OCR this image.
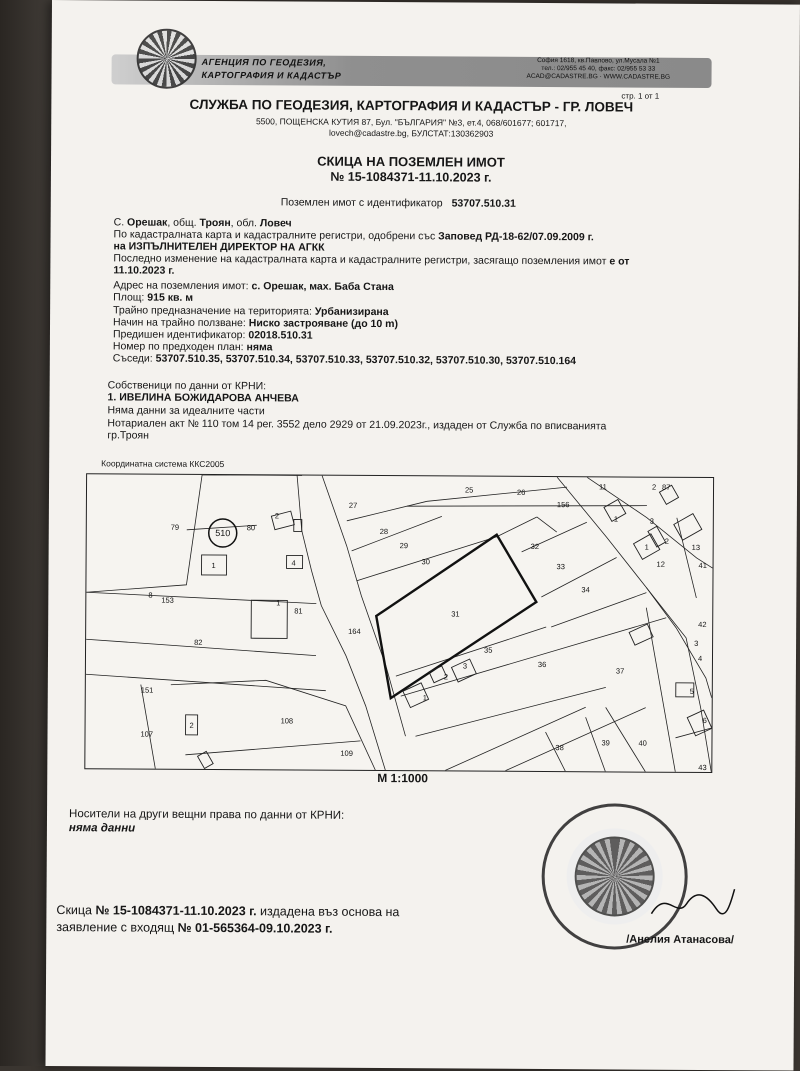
АГЕНЦИЯ ПО ГЕОДЕЗИЯ,
КАРТОГРАФИЯ И КАДАСТЪР
София 1618, кв.Павлово, ул.Мусала №1
тел.: 02/955 45 40, факс: 02/955 53 33
ACAD@CADASTRE.BG · WWW.CADASTRE.BG
стр. 1 от 1
СЛУЖБА ПО ГЕОДЕЗИЯ, КАРТОГРАФИЯ И КАДАСТЪР - ГР. ЛОВЕЧ
5500, ПОЩЕНСКА КУТИЯ 87, Бул. "БЪЛГАРИЯ" №3, ет.4, 068/601677; 601717,
lovech@cadastre.bg, БУЛСТАТ:130362903
СКИЦА НА ПОЗЕМЛЕН ИМОТ
№ 15-1084371-11.10.2023 г.
Поземлен имот с идентификатор 53707.510.31
С. Орешак, общ. Троян, обл. Ловеч
По кадастралната карта и кадастралните регистри, одобрени със Заповед РД-18-62/07.09.2009 г.
на ИЗПЪЛНИТЕЛЕН ДИРЕКТОР НА АГКК
Последно изменение на кадастралната карта и кадастралните регистри, засягащо поземления имот е от
11.10.2023 г.
Адрес на поземления имот: с. Орешак, мах. Баба Стана
Площ: 915 кв. м
Трайно предназначение на територията: Урбанизирана
Начин на трайно ползване: Ниско застрояване (до 10 m)
Предишен идентификатор: 02018.510.31
Номер по предходен план: няма
Съседи: 53707.510.35, 53707.510.34, 53707.510.33, 53707.510.32, 53707.510.30, 53707.510.164
Собственици по данни от КРНИ:
1. ИВЕЛИНА БОЖИДАРОВА АНЧЕВА
Няма данни за идеалните части
Нотариален акт № 110 том 14 рег. 3552 дело 2929 от 21.09.2023г., издаден от Служба по вписванията
гр.Троян
Координатна система ККС2005
510
79	80
2
1	4
8
153	1
81
82
151
107
2	108
109
164
27
28
29
30
31
35
1
2
3
25	26
156
32
33
34
36
11	2 87
1	3
2
1
12
13
41
37
3
4
5
6
38
39	40
43
42
М 1:1000
Носители на други вещни права по данни от КРНИ:
няма данни
Скица № 15-1084371-11.10.2023 г. издадена въз основа на
заявление с входящ № 01-565364-09.10.2023 г.
/Анелия Атанасова/
